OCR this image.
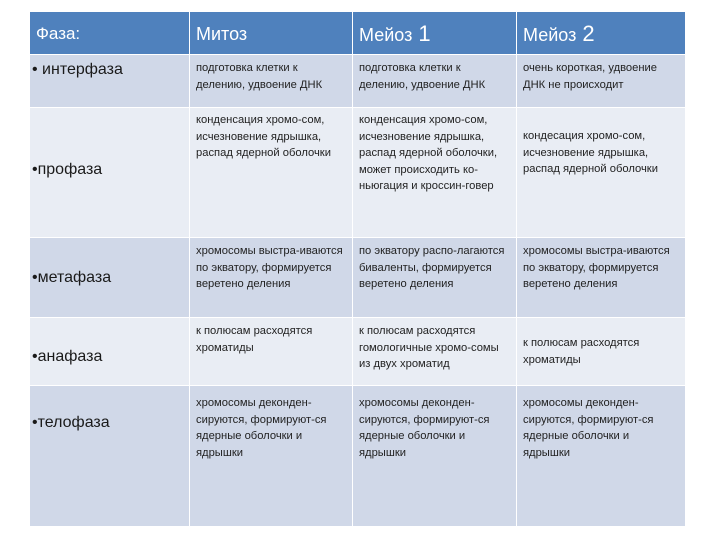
Фаза:	Митоз	Мейоз 1	Мейоз 2
• интерфаза	подготовка клетки к делению, удвоение ДНК	подготовка клетки к делению, удвоение ДНК	очень короткая, удвоение ДНК не происходит
•профаза	конденсация хромо-сом, исчезновение ядрышка, распад ядерной оболочки	конденсация хромо-сом, исчезновение ядрышка, распад ядерной оболочки, может происходить ко-ньюгация и кроссин-говер	кондесация хромо-сом, исчезновение ядрышка, распад ядерной оболочки
•метафаза	хромосомы выстра-иваются по экватору, формируется веретено деления	по экватору распо-лагаются биваленты, формируется веретено деления	хромосомы выстра-иваются по экватору, формируется веретено деления
•анафаза	к полюсам расходятся хроматиды	к полюсам расходятся гомологичные хромо-сомы из двух хроматид	к полюсам расходятся хроматиды
•телофаза	хромосомы деконден-сируются, формируют-ся ядерные оболочки и ядрышки	хромосомы деконден-сируются, формируют-ся ядерные оболочки и ядрышки	хромосомы деконден-сируются, формируют-ся ядерные оболочки и ядрышки
